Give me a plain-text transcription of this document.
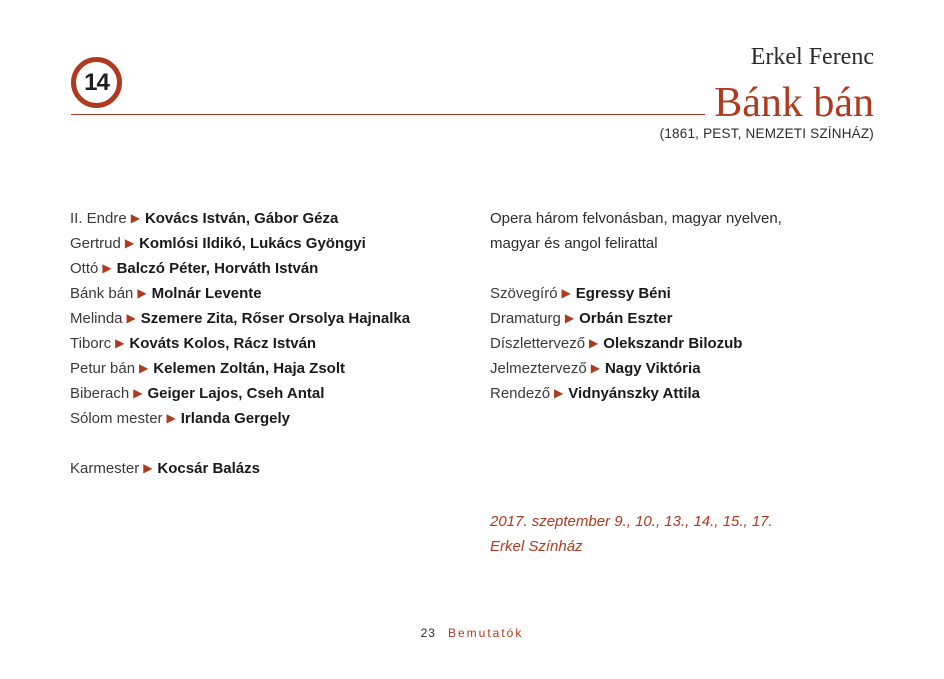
14
Erkel Ferenc
Bánk bán
(1861, PEST, NEMZETI SZÍNHÁZ)
II. Endre ▶ Kovács István, Gábor Géza
Gertrud ▶ Komlósi Ildikó, Lukács Gyöngyi
Ottó ▶ Balczó Péter, Horváth István
Bánk bán ▶ Molnár Levente
Melinda ▶ Szemere Zita, Rőser Orsolya Hajnalka
Tiborc ▶ Kováts Kolos, Rácz István
Petur bán ▶ Kelemen Zoltán, Haja Zsolt
Biberach ▶ Geiger Lajos, Cseh Antal
Sólom mester ▶ Irlanda Gergely
Karmester ▶ Kocsár Balázs
Opera három felvonásban, magyar nyelven,
magyar és angol felirattal
Szövegíró ▶ Egressy Béni
Dramaturg ▶ Orbán Eszter
Díszlettervező ▶ Olekszandr Bilozub
Jelmeztervező ▶ Nagy Viktória
Rendező ▶ Vidnyánszky Attila
2017. szeptember 9., 10., 13., 14., 15., 17.
Erkel Színház
23 Bemutatók
